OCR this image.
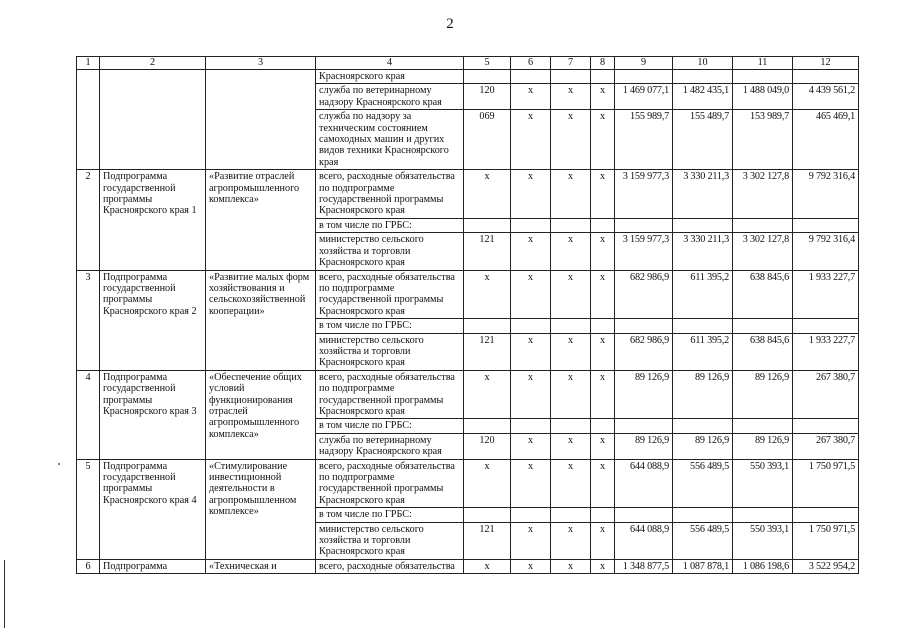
2
1	2	3	4	5	6	7	8	9	10	11	12
			Красноярского края								
			служба по ветеринарному надзору Красноярского края	120	x	x	x	1 469 077,1	1 482 435,1	1 488 049,0	4 439 561,2
			служба по надзору за техническим состоянием самоходных машин и других видов техники Красноярского края	069	x	x	x	155 989,7	155 489,7	153 989,7	465 469,1
2	Подпрограмма государственной программы Красноярского края 1	«Развитие отраслей агропромышленного комплекса»	всего, расходные обязательства по подпрограмме государственной программы Красноярского края	x	x	x	x	3 159 977,3	3 330 211,3	3 302 127,8	9 792 316,4
			в том числе по ГРБС:								
			министерство сельского хозяйства и торговли Красноярского края	121	x	x	x	3 159 977,3	3 330 211,3	3 302 127,8	9 792 316,4
3	Подпрограмма государственной программы Красноярского края 2	«Развитие малых форм хозяйствования и сельскохозяйственной кооперации»	всего, расходные обязательства по подпрограмме государственной программы Красноярского края	x	x	x	x	682 986,9	611 395,2	638 845,6	1 933 227,7
			в том числе по ГРБС:								
			министерство сельского хозяйства и торговли Красноярского края	121	x	x	x	682 986,9	611 395,2	638 845,6	1 933 227,7
4	Подпрограмма государственной программы Красноярского края 3	«Обеспечение общих условий функционирования отраслей агропромышленного комплекса»	всего, расходные обязательства по подпрограмме государственной программы Красноярского края	x	x	x	x	89 126,9	89 126,9	89 126,9	267 380,7
			в том числе по ГРБС:								
			служба по ветеринарному надзору Красноярского края	120	x	x	x	89 126,9	89 126,9	89 126,9	267 380,7
5	Подпрограмма государственной программы Красноярского края 4	«Стимулирование инвестиционной деятельности в агропромышленном комплексе»	всего, расходные обязательства по подпрограмме государственной программы Красноярского края	x	x	x	x	644 088,9	556 489,5	550 393,1	1 750 971,5
			в том числе по ГРБС:								
			министерство сельского хозяйства и торговли Красноярского края	121	x	x	x	644 088,9	556 489,5	550 393,1	1 750 971,5
6	Подпрограмма	«Техническая и	всего, расходные обязательства	x	x	x	x	1 348 877,5	1 087 878,1	1 086 198,6	3 522 954,2
